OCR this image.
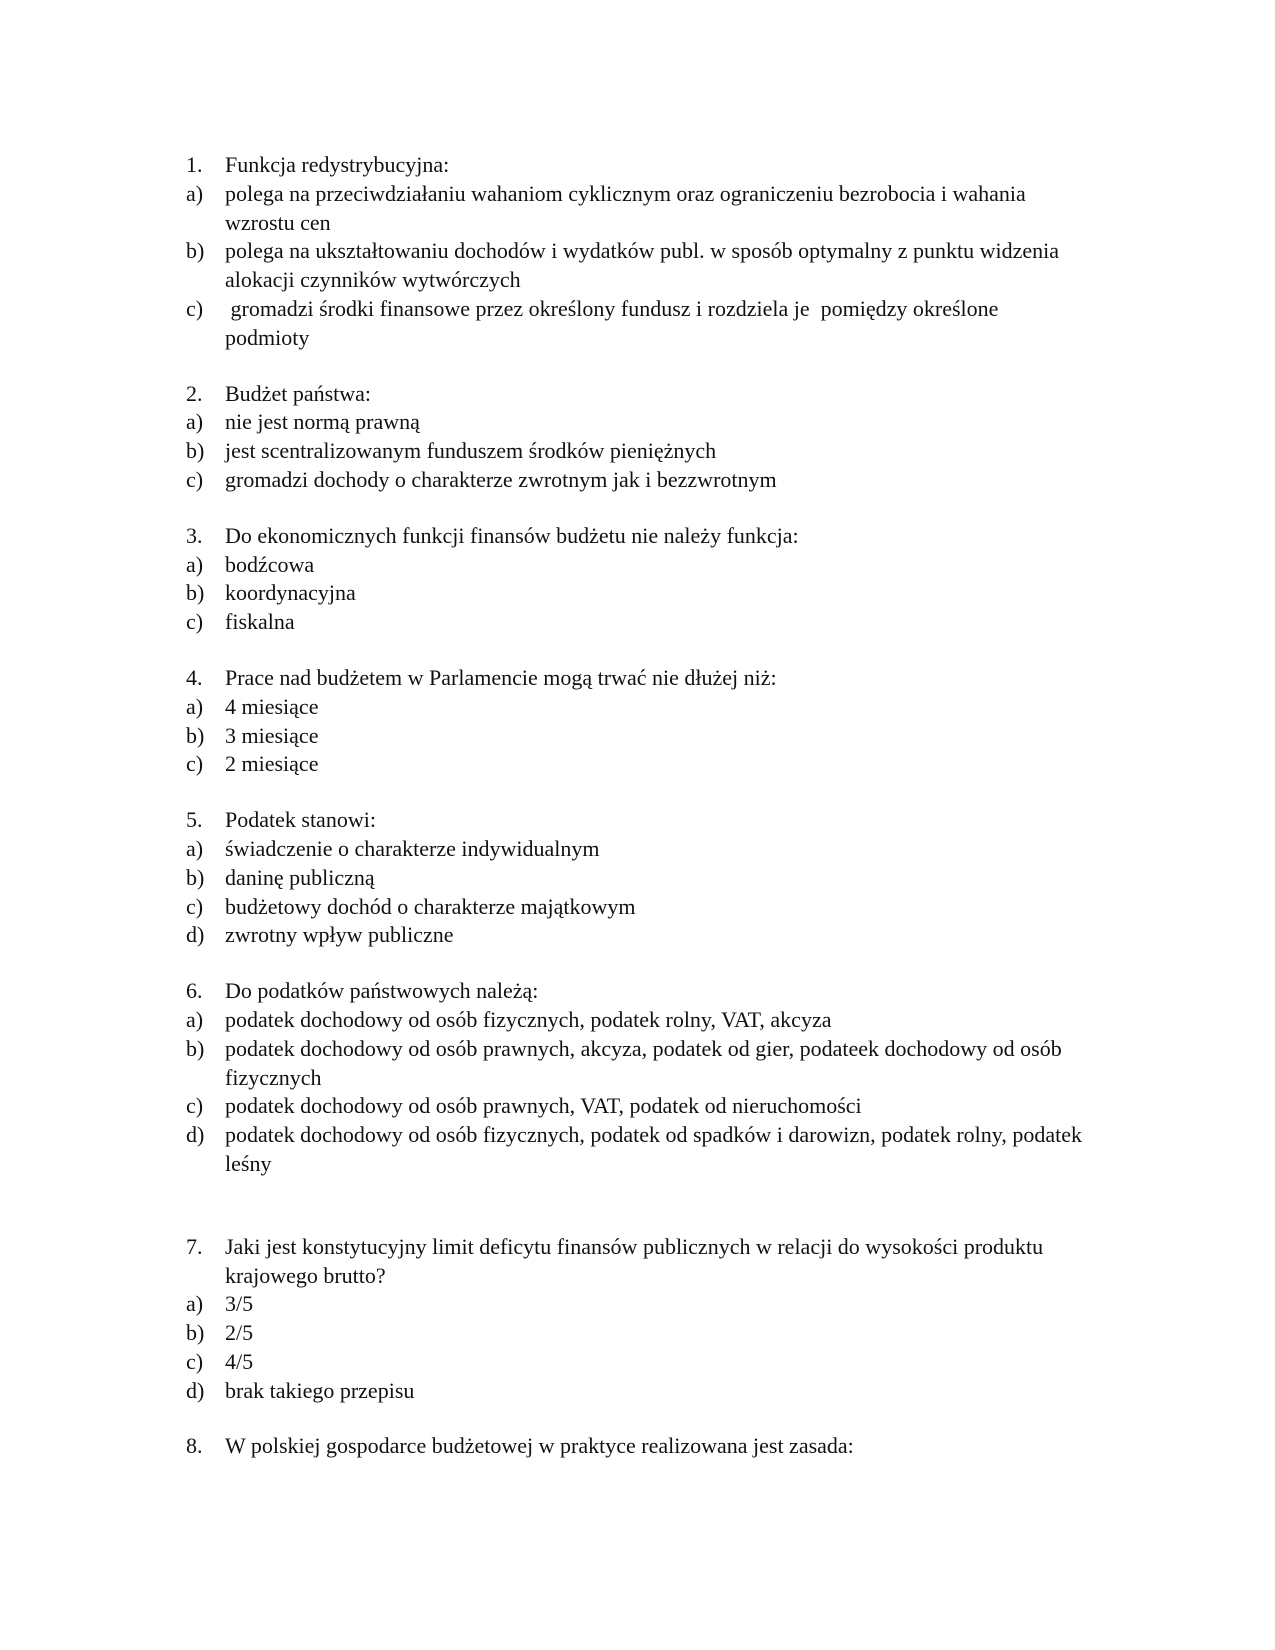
1.	Funkcja redystrybucyjna:
a) polega na przeciwdziałaniu wahaniom cyklicznym oraz ograniczeniu bezrobocia i wahania wzrostu cen
b) polega na ukształtowaniu dochodów i wydatków publ. w sposób optymalny z punktu widzenia alokacji czynników wytwórczych
c) gromadzi środki finansowe przez określony fundusz i rozdziela je  pomiędzy określone podmioty
2.	Budżet państwa:
a) nie jest normą prawną
b) jest scentralizowanym funduszem środków pieniężnych
c) gromadzi dochody o charakterze zwrotnym jak i bezzwrotnym
3.	Do ekonomicznych funkcji finansów budżetu nie należy funkcja:
a) bodźcowa
b) koordynacyjna
c) fiskalna
4.	Prace nad budżetem w Parlamencie mogą trwać nie dłużej niż:
a) 4 miesiące
b) 3 miesiące
c) 2 miesiące
5.	Podatek stanowi:
a) świadczenie o charakterze indywidualnym
b) daninę publiczną
c) budżetowy dochód o charakterze majątkowym
d) zwrotny wpływ publiczne
6.	Do podatków państwowych należą:
a) podatek dochodowy od osób fizycznych, podatek rolny, VAT, akcyza
b) podatek dochodowy od osób prawnych, akcyza, podatek od gier, podateek dochodowy od osób fizycznych
c) podatek dochodowy od osób prawnych, VAT, podatek od nieruchomości
d) podatek dochodowy od osób fizycznych, podatek od spadków i darowizn, podatek rolny, podatek leśny
7.	Jaki jest konstytucyjny limit deficytu finansów publicznych w relacji do wysokości produktu krajowego brutto?
a) 3/5
b) 2/5
c) 4/5
d) brak takiego przepisu
8.	W polskiej gospodarce budżetowej w praktyce realizowana jest zasada:
